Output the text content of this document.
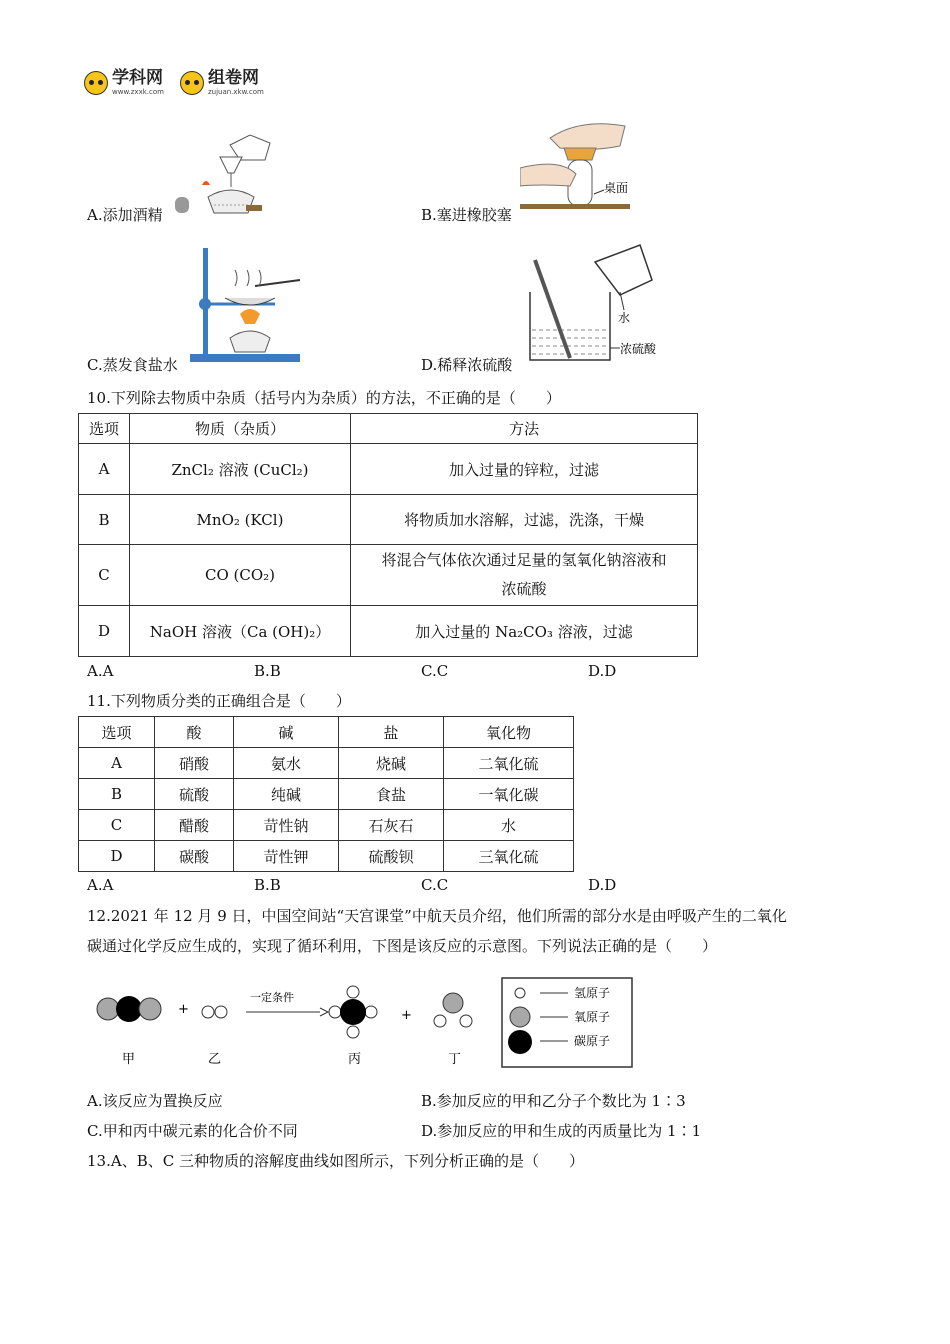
学科网
www.zxxk.com
组卷网
zujuan.xkw.com
A.添加酒精
桌面
B.塞进橡胶塞
C.蒸发食盐水
水
浓硫酸
D.稀释浓硫酸
10.下列除去物质中杂质（括号内为杂质）的方法，不正确的是（　　）
选项	物质（杂质）	方法
A	ZnCl₂ 溶液 (CuCl₂)	加入过量的锌粒，过滤
B	MnO₂ (KCl)	将物质加水溶解，过滤，洗涤，干燥
C	CO (CO₂)	将混合气体依次通过足量的氢氧化钠溶液和
浓硫酸

D	NaOH 溶液（Ca (OH)₂）	加入过量的 Na₂CO₃ 溶液，过滤
A.A	B.B	C.C	D.D
11.下列物质分类的正确组合是（　　）
选项	酸	碱	盐	氧化物
A	硝酸	氨水	烧碱	二氧化硫
B	硫酸	纯碱	食盐	一氧化碳
C	醋酸	苛性钠	石灰石	水
D	碳酸	苛性钾	硫酸钡	三氧化硫
A.A	B.B	C.C	D.D
12.2021 年 12 月 9 日，中国空间站“天宫课堂”中航天员介绍，他们所需的部分水是由呼吸产生的二氧化
碳通过化学反应生成的，实现了循环利用，下图是该反应的示意图。下列说法正确的是（　　）
+
一定条件
+
甲	乙	丙	丁
氢原子
氧原子
碳原子
A.该反应为置换反应	B.参加反应的甲和乙分子个数比为 1∶3
C.甲和丙中碳元素的化合价不同	D.参加反应的甲和生成的丙质量比为 1∶1
13.A、B、C 三种物质的溶解度曲线如图所示，下列分析正确的是（　　）
